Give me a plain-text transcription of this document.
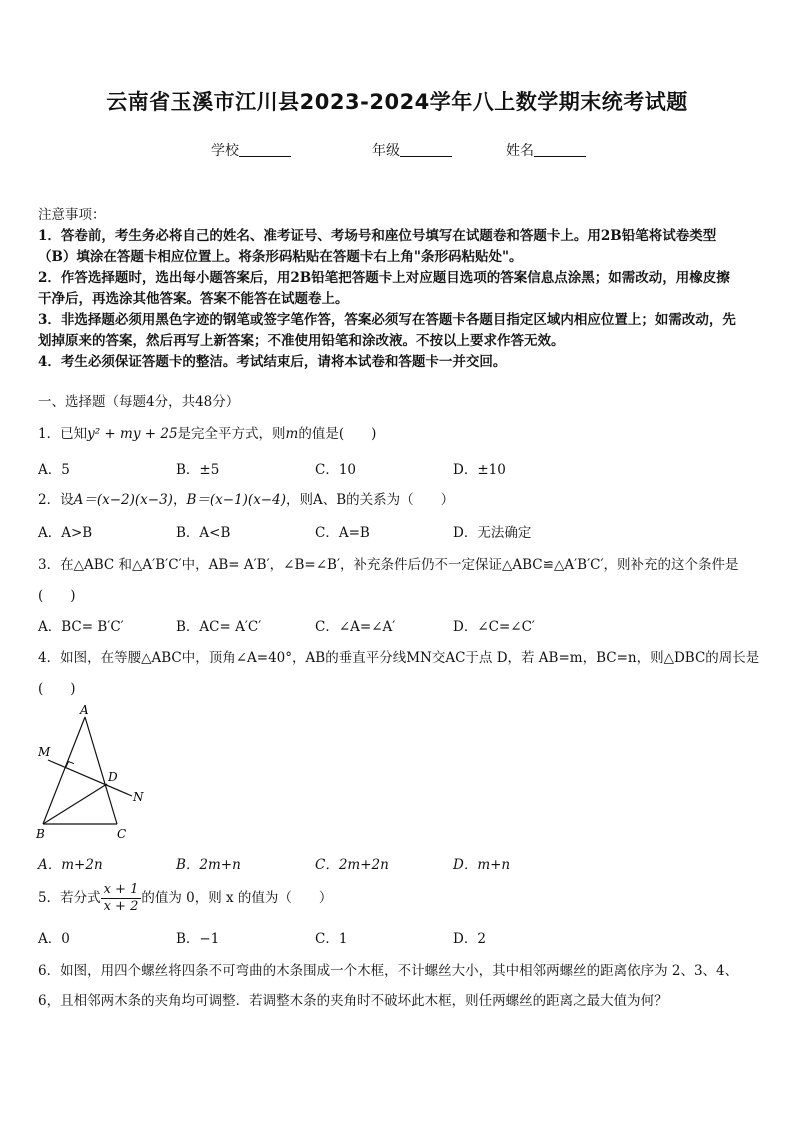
云南省玉溪市江川县2023-2024学年八上数学期末统考试题
学校	年级	姓名
注意事项：
1．答卷前，考生务必将自己的姓名、准考证号、考场号和座位号填写在试题卷和答题卡上。用2B铅笔将试卷类型
（B）填涂在答题卡相应位置上。将条形码粘贴在答题卡右上角"条形码粘贴处"。
2．作答选择题时，选出每小题答案后，用2B铅笔把答题卡上对应题目选项的答案信息点涂黑；如需改动，用橡皮擦
干净后，再选涂其他答案。答案不能答在试题卷上。
3．非选择题必须用黑色字迹的钢笔或签字笔作答，答案必须写在答题卡各题目指定区域内相应位置上；如需改动，先
划掉原来的答案，然后再写上新答案；不准使用铅笔和涂改液。不按以上要求作答无效。
4．考生必须保证答题卡的整洁。考试结束后，请将本试卷和答题卡一并交回。
一、选择题（每题4分，共48分）
1．已知y² + my + 25是完全平方式，则m的值是(　　)
A．5	B．±5	C．10	D．±10
2．设A＝(x−2)(x−3)，B＝(x−1)(x−4)，则A、B的关系为（　　）
A．A>B	B．A<B	C．A=B	D．无法确定
3．在△ABC 和△A′B′C′中，AB= A′B′，∠B=∠B′，补充条件后仍不一定保证△ABC≌△A′B′C′，则补充的这个条件是
(　　)
A．BC= B′C′	B．AC= A′C′	C．∠A=∠A′	D．∠C=∠C′
4．如图，在等腰△ABC中，顶角∠A=40°，AB的垂直平分线MN交AC于点 D，若 AB=m，BC=n，则△DBC的周长是
(　　)
A
M
D
N
B	C
A．m+2n	B．2m+n	C．2m+2n	D．m+n
5．若分式 $\frac{x + 1}{x + 2}$ 的值为 0，则 x 的值为（　　）
A．0	B．−1	C．1	D．2
6．如图，用四个螺丝将四条不可弯曲的木条围成一个木框，不计螺丝大小，其中相邻两螺丝的距离依序为 2、3、4、
6，且相邻两木条的夹角均可调整．若调整木条的夹角时不破坏此木框，则任两螺丝的距离之最大值为何？
